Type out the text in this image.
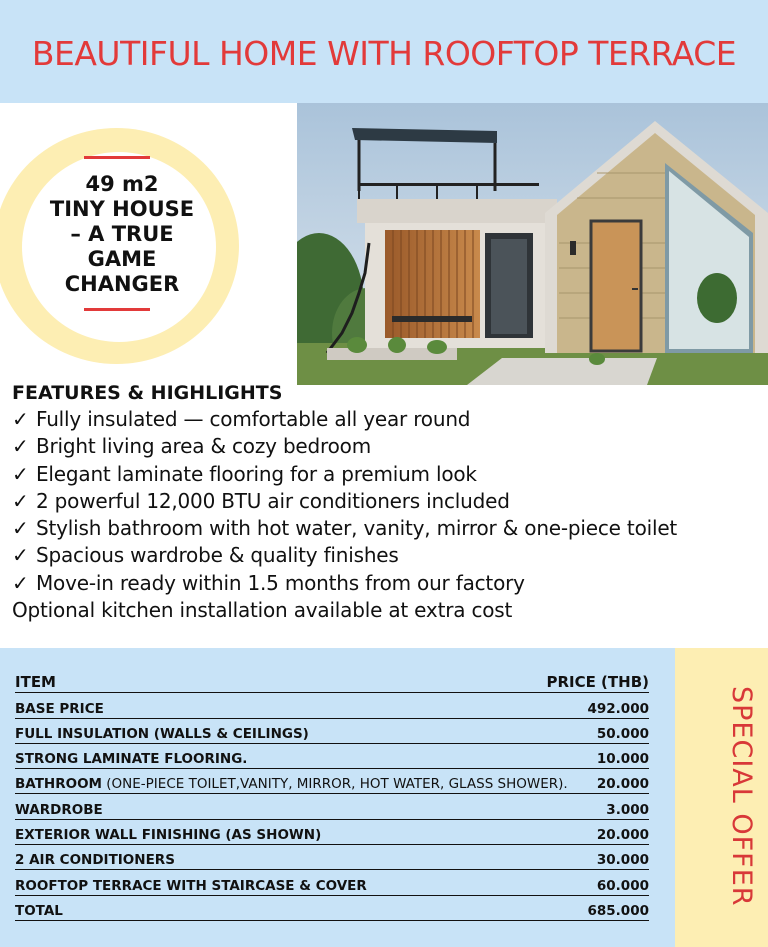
BEAUTIFUL HOME WITH ROOFTOP TERRACE
49 m2
TINY HOUSE
– A TRUE
GAME
CHANGER
FEATURES & HIGHLIGHTS
✓ Fully insulated — comfortable all year round
✓ Bright living area & cozy bedroom
✓ Elegant laminate flooring for a premium look
✓ 2 powerful 12,000 BTU air conditioners included
✓ Stylish bathroom with hot water, vanity, mirror & one-piece toilet
✓ Spacious wardrobe & quality finishes
✓ Move-in ready within 1.5 months from our factory
Optional kitchen installation available at extra cost
SPECIAL OFFER
ITEM	PRICE (THB)
BASE PRICE	492.000
FULL INSULATION (WALLS & CEILINGS)	50.000
STRONG LAMINATE FLOORING.	10.000
BATHROOM (ONE-PIECE TOILET,VANITY, MIRROR, HOT WATER, GLASS SHOWER). 20.000
WARDROBE	3.000
EXTERIOR WALL FINISHING (AS SHOWN)	20.000
2 AIR CONDITIONERS	30.000
ROOFTOP TERRACE WITH STAIRCASE & COVER	60.000
TOTAL	685.000
